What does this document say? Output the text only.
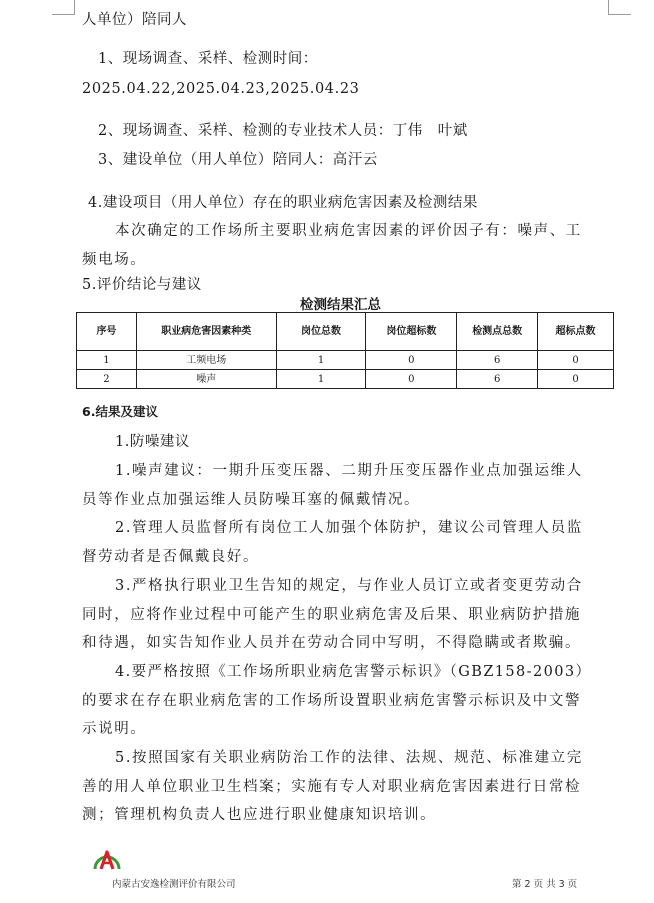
人单位）陪同人
1、现场调查、采样、检测时间：
2025.04.22,2025.04.23,2025.04.23
2、现场调查、采样、检测的专业技术人员：丁伟　叶斌
3、建设单位（用人单位）陪同人：高汗云
4.建设项目（用人单位）存在的职业病危害因素及检测结果
本次确定的工作场所主要职业病危害因素的评价因子有：噪声、工
频电场。
5.评价结论与建议
检测结果汇总
序号	职业病危害因素种类	岗位总数	岗位超标数	检测点总数	超标点数
1	工频电场	1	0	6	0
2	噪声	1	0	6	0
6.结果及建议
1.防噪建议
1.噪声建议：一期升压变压器、二期升压变压器作业点加强运维人
员等作业点加强运维人员防噪耳塞的佩戴情况。
2.管理人员监督所有岗位工人加强个体防护，建议公司管理人员监
督劳动者是否佩戴良好。
3.严格执行职业卫生告知的规定，与作业人员订立或者变更劳动合
同时，应将作业过程中可能产生的职业病危害及后果、职业病防护措施
和待遇，如实告知作业人员并在劳动合同中写明，不得隐瞒或者欺骗。
4.要严格按照《工作场所职业病危害警示标识》（GBZ158-2003）
的要求在存在职业病危害的工作场所设置职业病危害警示标识及中文警
示说明。
5.按照国家有关职业病防治工作的法律、法规、规范、标准建立完
善的用人单位职业卫生档案；实施有专人对职业病危害因素进行日常检
测；管理机构负责人也应进行职业健康知识培训。
内蒙古安逸检测评价有限公司	第 2 页 共 3 页
